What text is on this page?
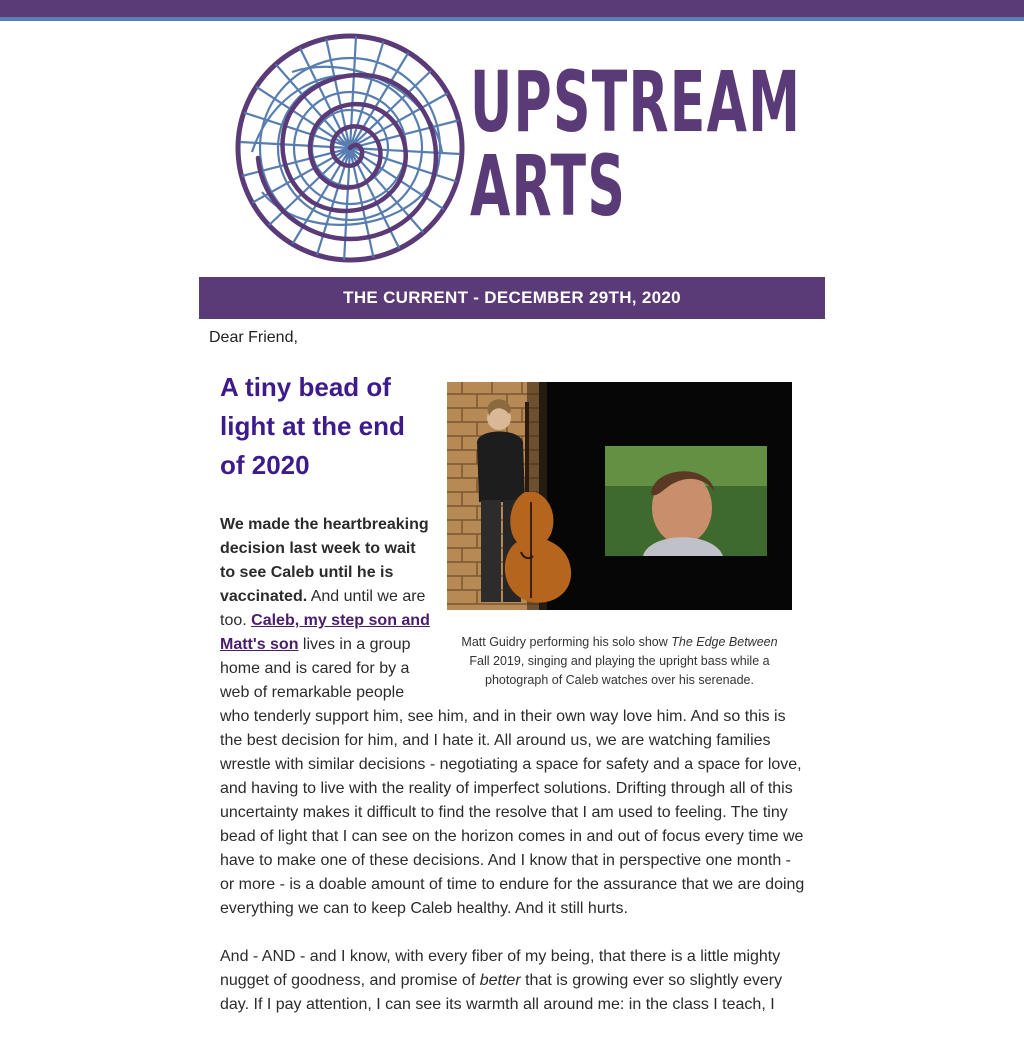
UPSTREAM
ARTS
THE CURRENT - DECEMBER 29TH, 2020
Dear Friend,
Matt Guidry performing his solo show The Edge Between Fall 2019, singing and playing the upright bass while a photograph of Caleb watches over his serenade.
A tiny bead of light at the end of 2020

We made the heartbreaking decision last week to wait to see Caleb until he is vaccinated. And until we are too. Caleb, my step son and Matt's son lives in a group home and is cared for by a web of remarkable people who tenderly support him, see him, and in their own way love him. And so this is the best decision for him, and I hate it. All around us, we are watching families wrestle with similar decisions - negotiating a space for safety and a space for love, and having to live with the reality of imperfect solutions. Drifting through all of this uncertainty makes it difficult to find the resolve that I am used to feeling. The tiny bead of light that I can see on the horizon comes in and out of focus every time we have to make one of these decisions. And I know that in perspective one month - or more - is a doable amount of time to endure for the assurance that we are doing everything we can to keep Caleb healthy. And it still hurts.

And - AND - and I know, with every fiber of my being, that there is a little mighty nugget of goodness, and promise of better that is growing ever so slightly every day. If I pay attention, I can see its warmth all around me: in the class I teach, I
